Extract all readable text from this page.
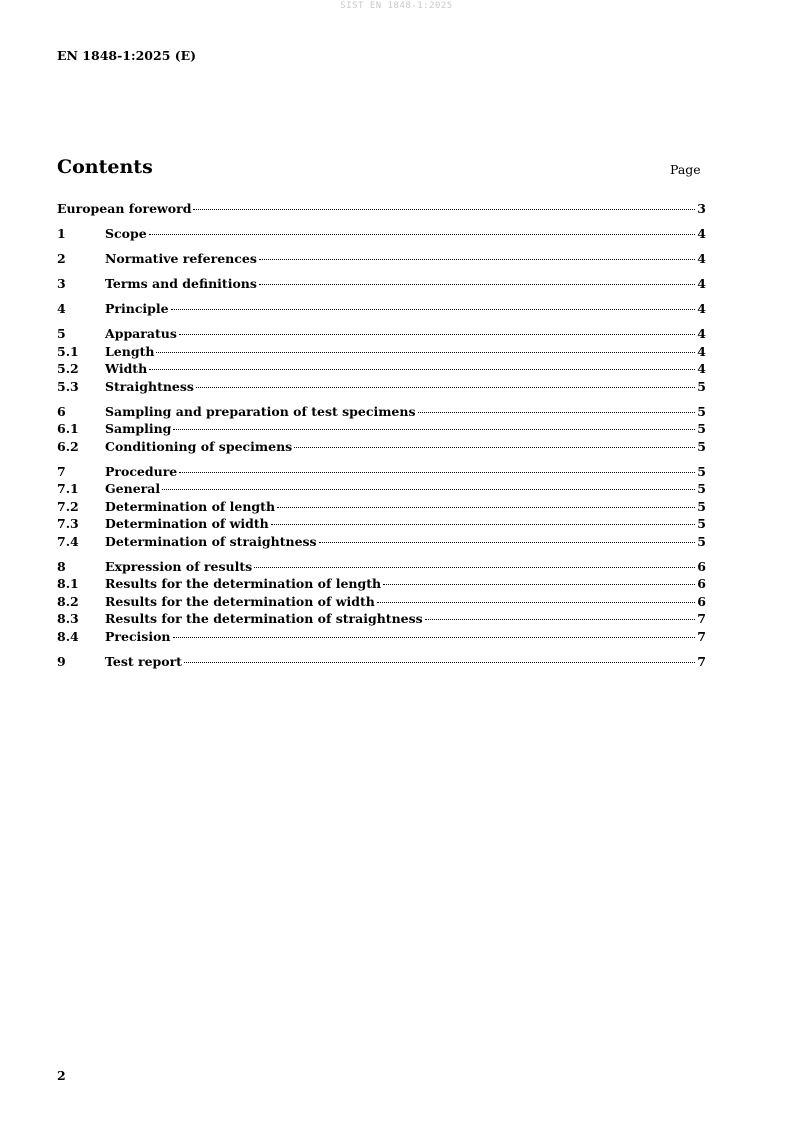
SIST EN 1848-1:2025
EN 1848-1:2025 (E)
Contents	Page
European foreword	3
1	Scope	4
2	Normative references	4
3	Terms and definitions	4
4	Principle	4
5	Apparatus	4
5.1	Length	4
5.2	Width	4
5.3	Straightness	5
6	Sampling and preparation of test specimens	5
6.1	Sampling	5
6.2	Conditioning of specimens	5
7	Procedure	5
7.1	General	5
7.2	Determination of length	5
7.3	Determination of width	5
7.4	Determination of straightness	5
8	Expression of results	6
8.1	Results for the determination of length	6
8.2	Results for the determination of width	6
8.3	Results for the determination of straightness	7
8.4	Precision	7
9	Test report	7
2
